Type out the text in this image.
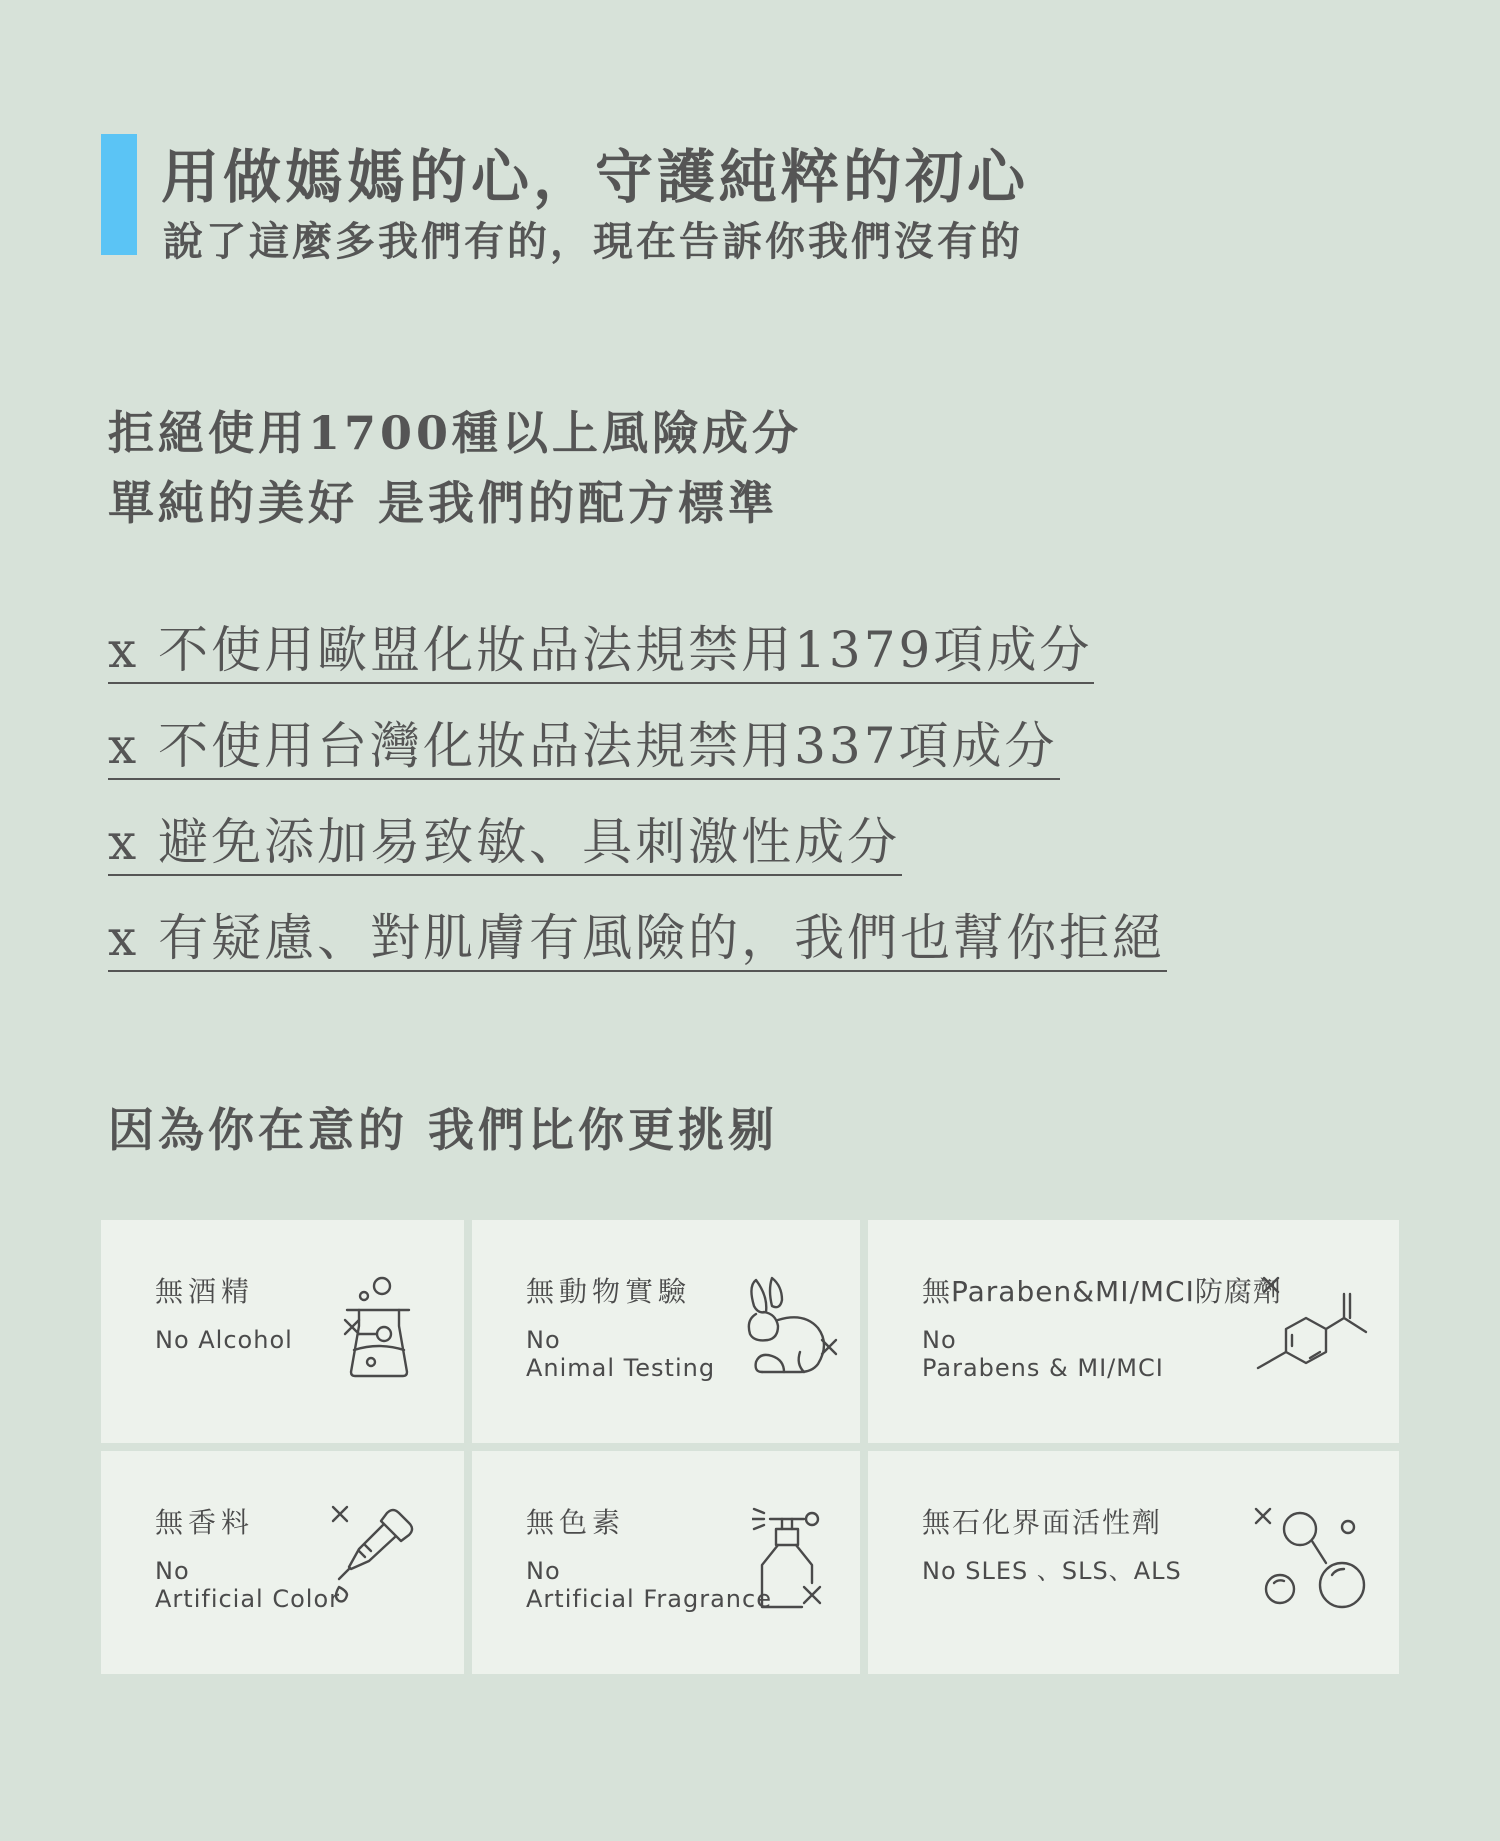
用做媽媽的心，守護純粹的初心
說了這麼多我們有的，現在告訴你我們沒有的
拒絕使用1700種以上風險成分
單純的美好 是我們的配方標準
x 不使用歐盟化妝品法規禁用1379項成分
x 不使用台灣化妝品法規禁用337項成分
x 避免添加易致敏、具刺激性成分
x 有疑慮、對肌膚有風險的，我們也幫你拒絕
因為你在意的 我們比你更挑剔
無酒精
No Alcohol
無動物實驗
No
Animal Testing
無Paraben&MI/MCI防腐劑
No
Parabens & MI/MCI
無香料
No
Artificial Color
無色素
No
Artificial Fragrance
無石化界面活性劑
No SLES 、SLS、ALS
